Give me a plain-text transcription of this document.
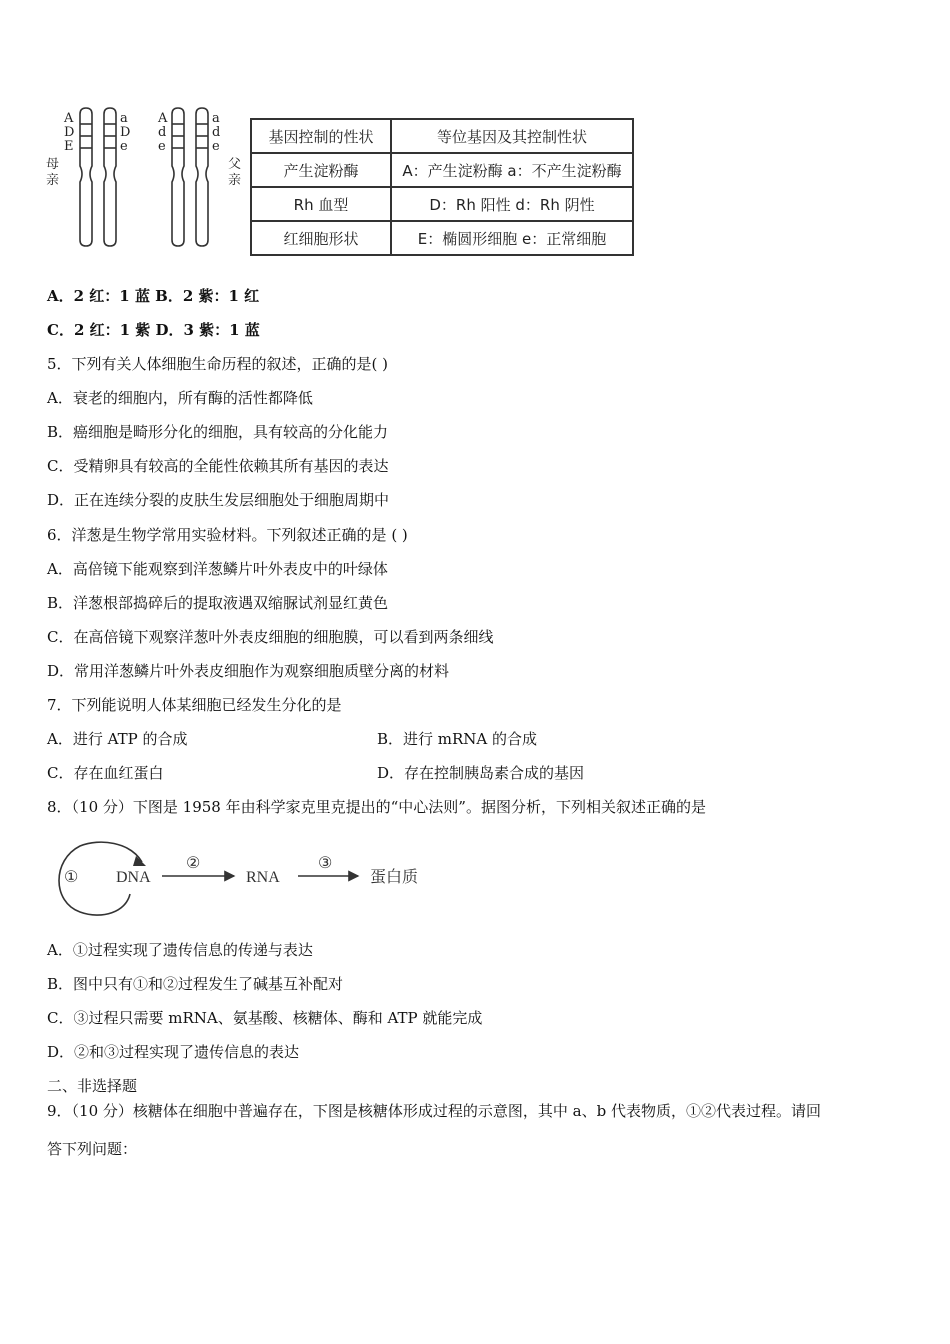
母
亲
A
D
E
a
D
e
A
d
e
a
d
e
父
亲
基因控制的性状	等位基因及其控制性状
产生淀粉酶	A：产生淀粉酶 a：不产生淀粉酶
Rh 血型	D：Rh 阳性 d：Rh 阴性
红细胞形状	E：椭圆形细胞 e：正常细胞
A．2 红：1 蓝 B．2 紫：1 红
C．2 红：1 紫 D．3 紫：1 蓝
5．下列有关人体细胞生命历程的叙述，正确的是( )
A．衰老的细胞内，所有酶的活性都降低
B．癌细胞是畸形分化的细胞，具有较高的分化能力
C．受精卵具有较高的全能性依赖其所有基因的表达
D．正在连续分裂的皮肤生发层细胞处于细胞周期中
6．洋葱是生物学常用实验材料。下列叙述正确的是 ( )
A．高倍镜下能观察到洋葱鳞片叶外表皮中的叶绿体
B．洋葱根部捣碎后的提取液遇双缩脲试剂显红黄色
C．在高倍镜下观察洋葱叶外表皮细胞的细胞膜，可以看到两条细线
D．常用洋葱鳞片叶外表皮细胞作为观察细胞质壁分离的材料
7．下列能说明人体某细胞已经发生分化的是
A．进行 ATP 的合成	B．进行 mRNA 的合成
C．存在血红蛋白	D．存在控制胰岛素合成的基因
8．（10 分）下图是 1958 年由科学家克里克提出的“中心法则”。据图分析，下列相关叙述正确的是
① DNA
②
RNA
③
蛋白质
A．①过程实现了遗传信息的传递与表达
B．图中只有①和②过程发生了碱基互补配对
C．③过程只需要 mRNA、氨基酸、核糖体、酶和 ATP 就能完成
D．②和③过程实现了遗传信息的表达
二、非选择题
9．（10 分）核糖体在细胞中普遍存在，下图是核糖体形成过程的示意图，其中 a、b 代表物质，①②代表过程。请回
答下列问题：
